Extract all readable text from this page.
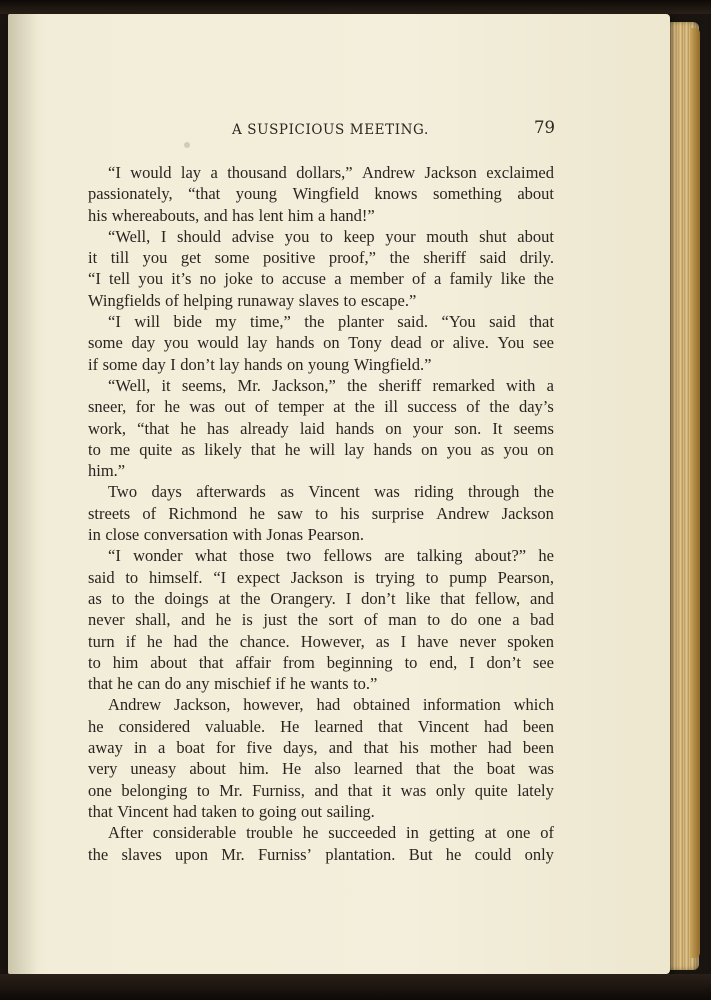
A SUSPICIOUS MEETING.	79
“I would lay a thousand dollars,” Andrew Jackson exclaimed
passionately, “that young Wingfield knows something about
his whereabouts, and has lent him a hand!”
“Well, I should advise you to keep your mouth shut about
it till you get some positive proof,” the sheriff said drily.
“I tell you it’s no joke to accuse a member of a family like the
Wingfields of helping runaway slaves to escape.”
“I will bide my time,” the planter said. “You said that
some day you would lay hands on Tony dead or alive. You see
if some day I don’t lay hands on young Wingfield.”
“Well, it seems, Mr. Jackson,” the sheriff remarked with a
sneer, for he was out of temper at the ill success of the day’s
work, “that he has already laid hands on your son. It seems
to me quite as likely that he will lay hands on you as you on
him.”
Two days afterwards as Vincent was riding through the
streets of Richmond he saw to his surprise Andrew Jackson
in close conversation with Jonas Pearson.
“I wonder what those two fellows are talking about?” he
said to himself. “I expect Jackson is trying to pump Pearson,
as to the doings at the Orangery. I don’t like that fellow, and
never shall, and he is just the sort of man to do one a bad
turn if he had the chance. However, as I have never spoken
to him about that affair from beginning to end, I don’t see
that he can do any mischief if he wants to.”
Andrew Jackson, however, had obtained information which
he considered valuable. He learned that Vincent had been
away in a boat for five days, and that his mother had been
very uneasy about him. He also learned that the boat was
one belonging to Mr. Furniss, and that it was only quite lately
that Vincent had taken to going out sailing.
After considerable trouble he succeeded in getting at one of
the slaves upon Mr. Furniss’ plantation. But he could only
